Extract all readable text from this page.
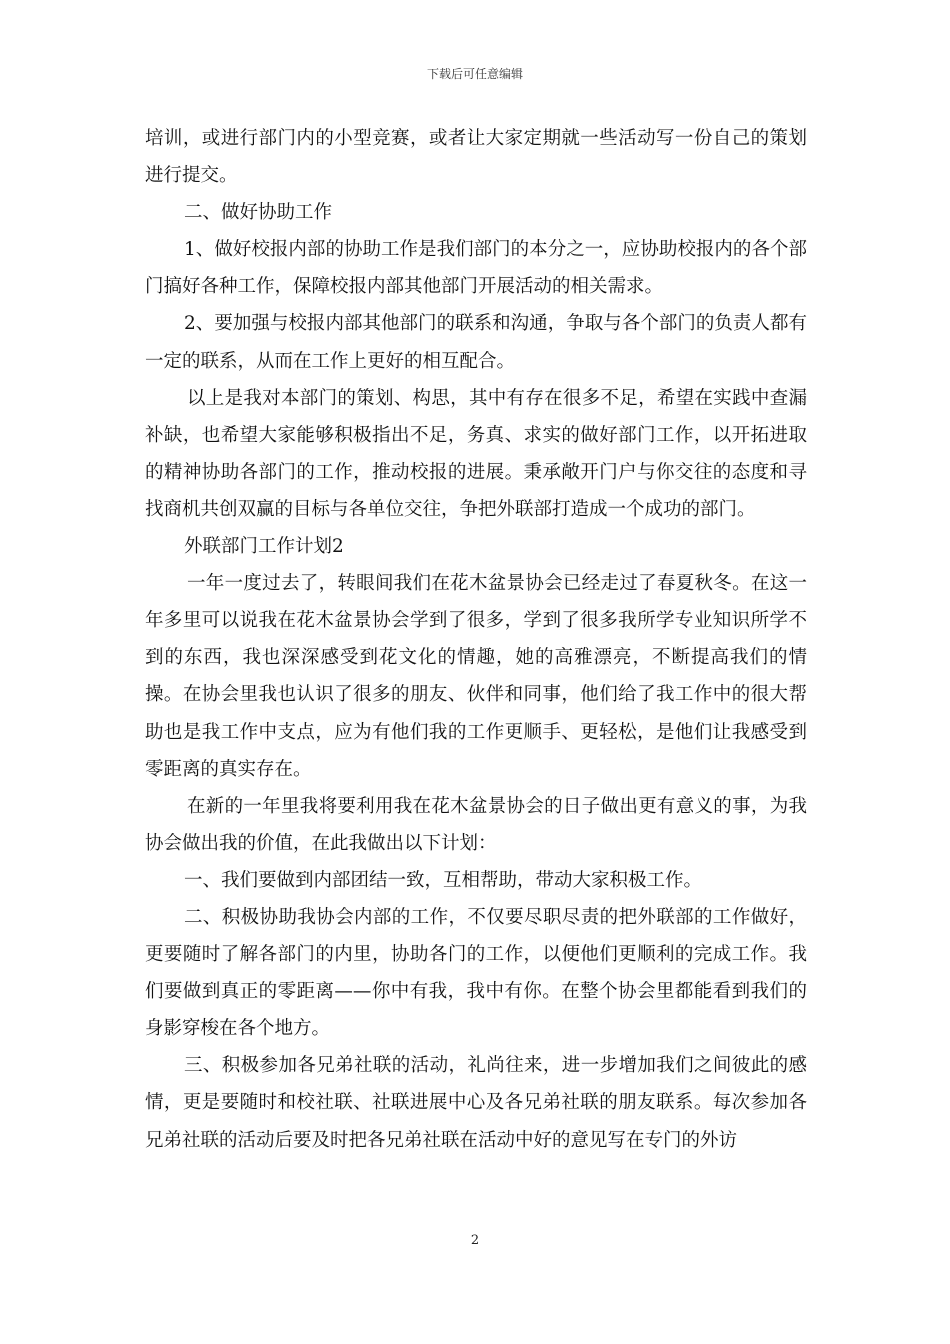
下载后可任意编辑

培训，或进行部门内的小型竞赛，或者让大家定期就一些活动写一份自己的策划进行提交。

二、做好协助工作

1、做好校报内部的协助工作是我们部门的本分之一，应协助校报内的各个部门搞好各种工作，保障校报内部其他部门开展活动的相关需求。

2、要加强与校报内部其他部门的联系和沟通，争取与各个部门的负责人都有一定的联系，从而在工作上更好的相互配合。

以上是我对本部门的策划、构思，其中有存在很多不足，希望在实践中查漏补缺，也希望大家能够积极指出不足，务真、求实的做好部门工作，以开拓进取的精神协助各部门的工作，推动校报的进展。秉承敞开门户与你交往的态度和寻找商机共创双赢的目标与各单位交往，争把外联部打造成一个成功的部门。

外联部门工作计划2

一年一度过去了，转眼间我们在花木盆景协会已经走过了春夏秋冬。在这一年多里可以说我在花木盆景协会学到了很多，学到了很多我所学专业知识所学不到的东西，我也深深感受到花文化的情趣，她的高雅漂亮，不断提高我们的情操。在协会里我也认识了很多的朋友、伙伴和同事，他们给了我工作中的很大帮助也是我工作中支点，应为有他们我的工作更顺手、更轻松，是他们让我感受到零距离的真实存在。

在新的一年里我将要利用我在花木盆景协会的日子做出更有意义的事，为我协会做出我的价值，在此我做出以下计划：

一、我们要做到内部团结一致，互相帮助，带动大家积极工作。

二、积极协助我协会内部的工作，不仅要尽职尽责的把外联部的工作做好，更要随时了解各部门的内里，协助各门的工作，以便他们更顺利的完成工作。我们要做到真正的零距离——你中有我，我中有你。在整个协会里都能看到我们的身影穿梭在各个地方。

三、积极参加各兄弟社联的活动，礼尚往来，进一步增加我们之间彼此的感情，更是要随时和校社联、社联进展中心及各兄弟社联的朋友联系。每次参加各兄弟社联的活动后要及时把各兄弟社联在活动中好的意见写在专门的外访

2
